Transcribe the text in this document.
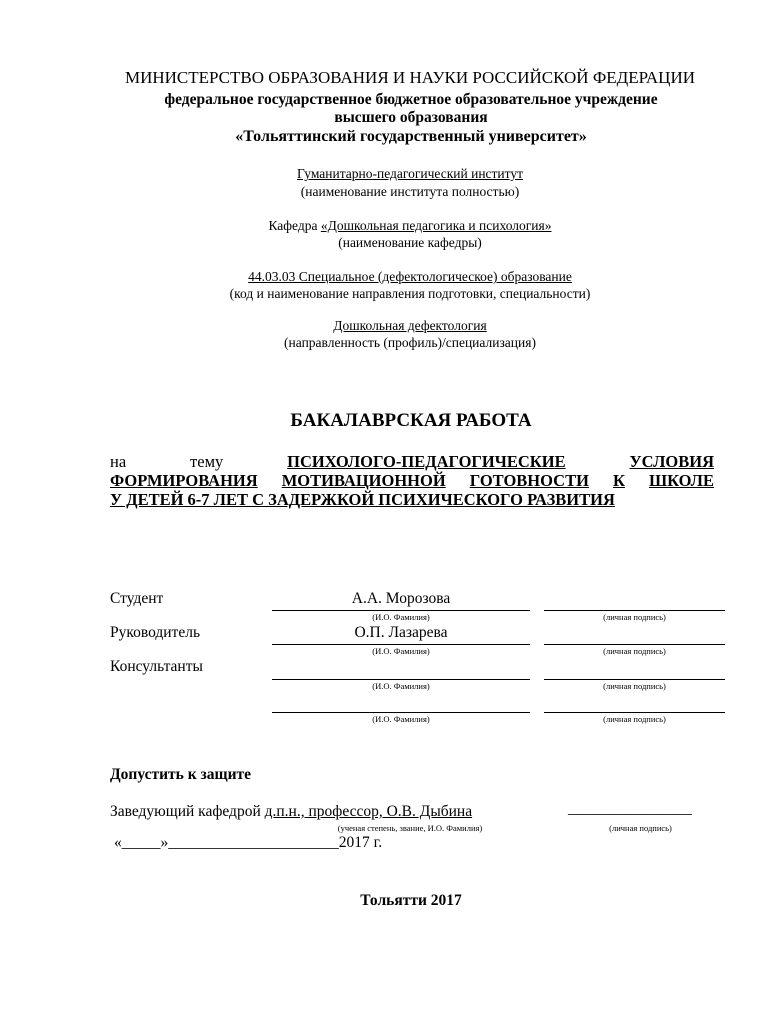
МИНИСТЕРСТВО ОБРАЗОВАНИЯ И НАУКИ РОССИЙСКОЙ ФЕДЕРАЦИИ
федеральное государственное бюджетное образовательное учреждение
высшего образования
«Тольяттинский государственный университет»
Гуманитарно-педагогический институт
(наименование института полностью)
Кафедра «Дошкольная педагогика и психология»
(наименование кафедры)
44.03.03 Специальное (дефектологическое) образование
(код и наименование направления подготовки, специальности)
Дошкольная дефектология
(направленность (профиль)/специализация)
БАКАЛАВРСКАЯ РАБОТА
на	тему	ПСИХОЛОГО-ПЕДАГОГИЧЕСКИЕ	УСЛОВИЯ
ФОРМИРОВАНИЯ МОТИВАЦИОННОЙ ГОТОВНОСТИ К ШКОЛЕ
У ДЕТЕЙ 6-7 ЛЕТ С ЗАДЕРЖКОЙ ПСИХИЧЕСКОГО РАЗВИТИЯ
Студент	А.А. Морозова
(И.О. Фамилия)	(личная подпись)
Руководитель	О.П. Лазарева
(И.О. Фамилия)	(личная подпись)
Консультанты
(И.О. Фамилия)	(личная подпись)
(И.О. Фамилия)	(личная подпись)
Допустить к защите
Заведующий кафедрой д.п.н., профессор, О.В. Дыбина	________________
(ученая степень, звание, И.О. Фамилия)	(личная подпись)
«_____»______________________2017 г.
Тольятти 2017
